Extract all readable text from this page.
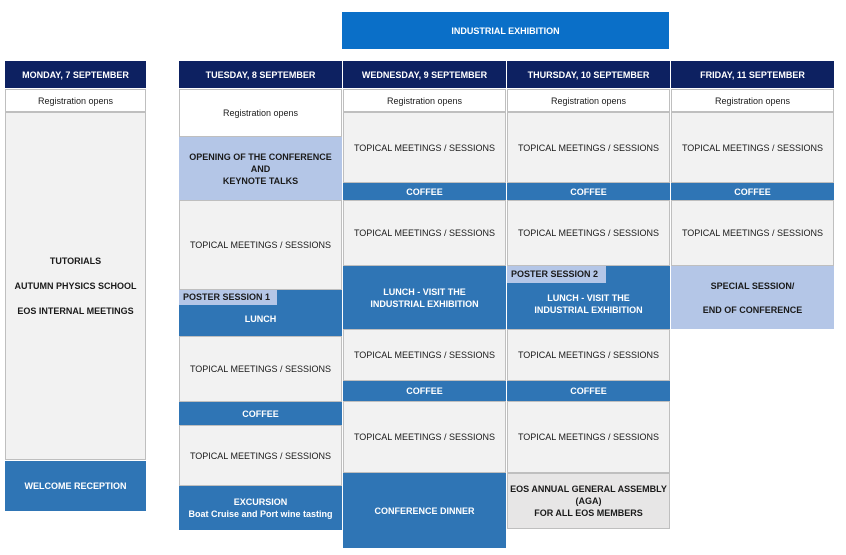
INDUSTRIAL EXHIBITION
MONDAY, 7 SEPTEMBER
Registration opens
TUTORIALS
AUTUMN PHYSICS SCHOOL
EOS INTERNAL MEETINGS
WELCOME RECEPTION
TUESDAY, 8 SEPTEMBER
Registration opens
OPENING OF THE CONFERENCE AND
KEYNOTE TALKS
TOPICAL MEETINGS / SESSIONS
LUNCH
POSTER SESSION 1
TOPICAL MEETINGS / SESSIONS
COFFEE
TOPICAL MEETINGS / SESSIONS
EXCURSION
Boat Cruise and Port wine tasting
WEDNESDAY, 9 SEPTEMBER
Registration opens
TOPICAL MEETINGS / SESSIONS
COFFEE
TOPICAL MEETINGS / SESSIONS
LUNCH - VISIT THE
INDUSTRIAL EXHIBITION
TOPICAL MEETINGS / SESSIONS
COFFEE
TOPICAL MEETINGS / SESSIONS
CONFERENCE DINNER
THURSDAY, 10 SEPTEMBER
Registration opens
TOPICAL MEETINGS / SESSIONS
COFFEE
TOPICAL MEETINGS / SESSIONS
LUNCH - VISIT THE
INDUSTRIAL EXHIBITION
POSTER SESSION 2
TOPICAL MEETINGS / SESSIONS
COFFEE
TOPICAL MEETINGS / SESSIONS
EOS ANNUAL GENERAL ASSEMBLY
(AGA)
FOR ALL EOS MEMBERS
FRIDAY, 11 SEPTEMBER
Registration opens
TOPICAL MEETINGS / SESSIONS
COFFEE
TOPICAL MEETINGS / SESSIONS
SPECIAL SESSION/
END OF CONFERENCE
